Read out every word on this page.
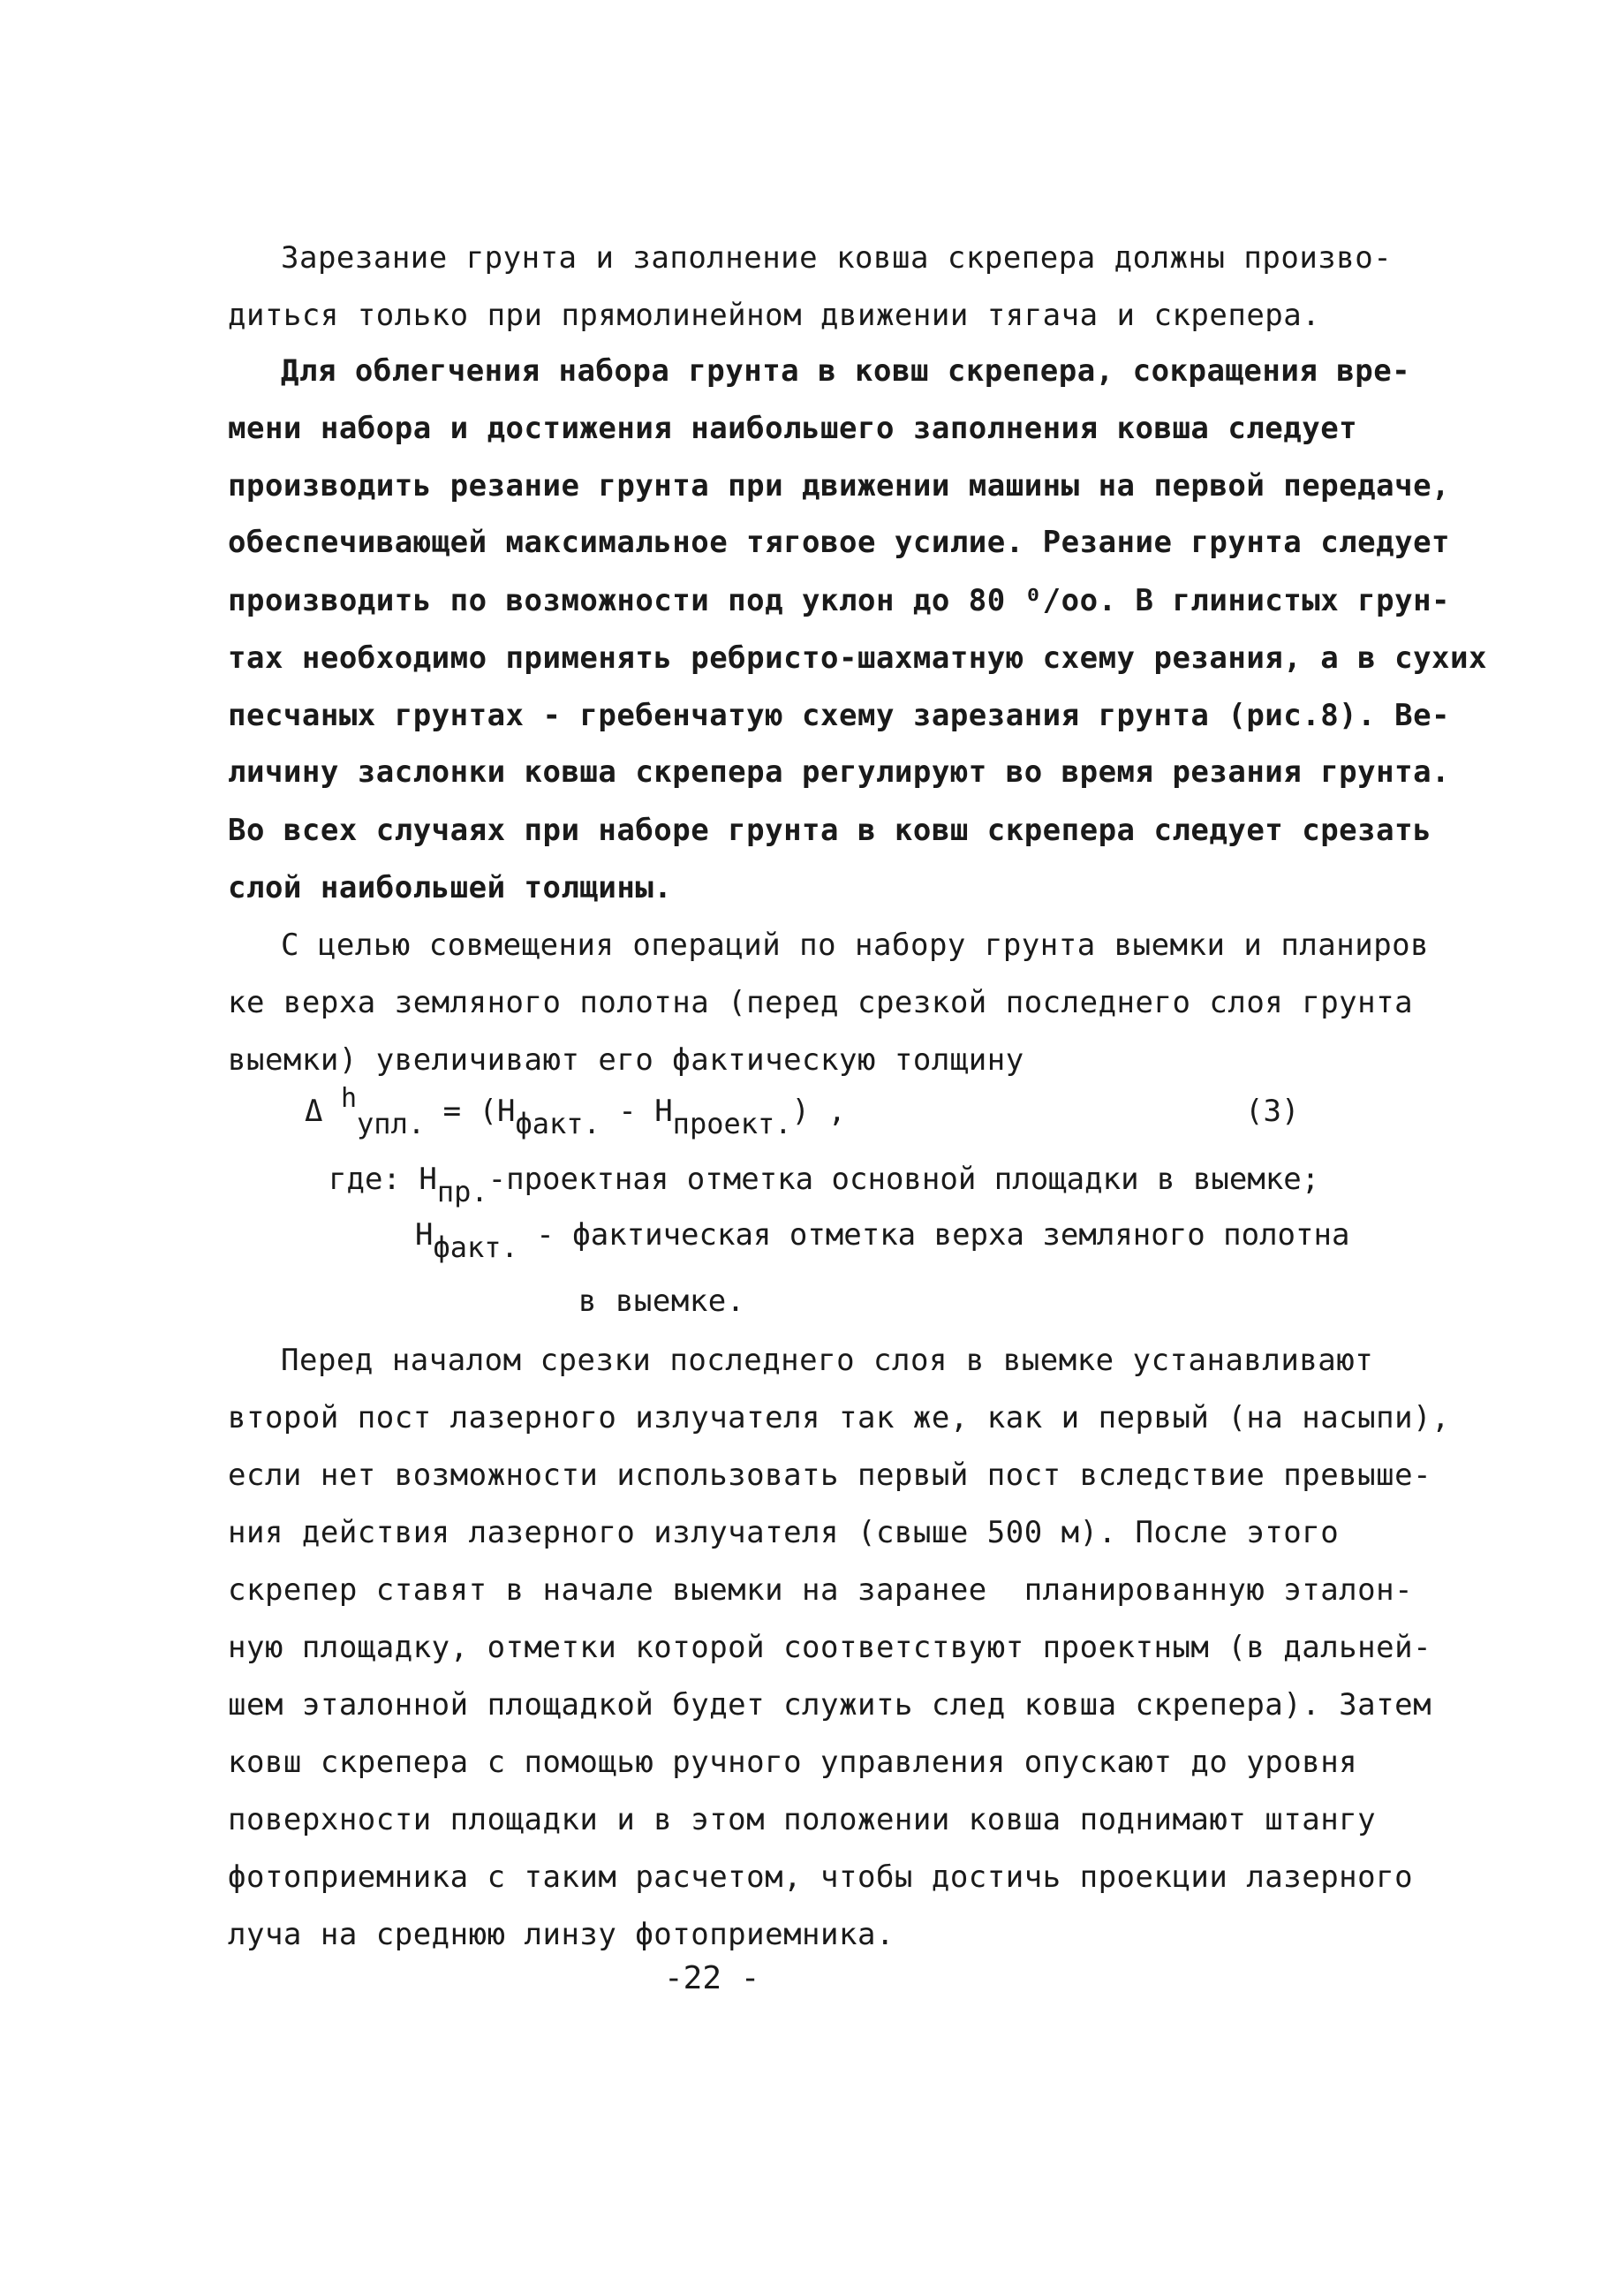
Зарезание грунта и заполнение ковша скрепера должны произво-
диться только при прямолинейном движении тягача и скрепера.
Для облегчения набора грунта в ковш скрепера, сокращения вре-
мени набора и достижения наибольшего заполнения ковша следует
производить резание грунта при движении машины на первой передаче,
обеспечивающей максимальное тяговое усилие. Резание грунта следует
производить по возможности под уклон до 80 ⁰/оо. В глинистых грун-
тах необходимо применять ребристо-шахматную схему резания, а в сухих
песчаных грунтах - гребенчатую схему зарезания грунта (рис.8). Ве-
личину заслонки ковша скрепера регулируют во время резания грунта.
Во всех случаях при наборе грунта в ковш скрепера следует срезать
слой наибольшей толщины.
С целью совмещения операций по набору грунта выемки и планиров
ке верха земляного полотна (перед срезкой последнего слоя грунта
выемки) увеличивают его фактическую толщину
Δ hупл. = (Hфакт. - Hпроект.) ,	(3)
где: Hпр.-проектная отметка основной площадки в выемке;
Hфакт. - фактическая отметка верха земляного полотна
в выемке.
Перед началом срезки последнего слоя в выемке устанавливают
второй пост лазерного излучателя так же, как и первый (на насыпи),
если нет возможности использовать первый пост вследствие превыше-
ния действия лазерного излучателя (свыше 500 м). После этого
скрепер ставят в начале выемки на заранее  планированную эталон-
ную площадку, отметки которой соответствуют проектным (в дальней-
шем эталонной площадкой будет служить след ковша скрепера). Затем
ковш скрепера с помощью ручного управления опускают до уровня
поверхности площадки и в этом положении ковша поднимают штангу
фотоприемника с таким расчетом, чтобы достичь проекции лазерного
луча на среднюю линзу фотоприемника.
-22 -
